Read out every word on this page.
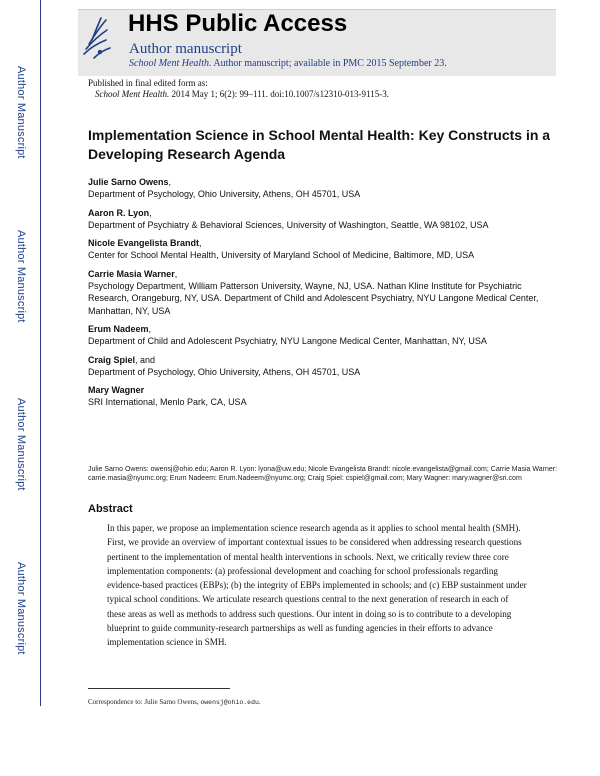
Author Manuscript
Author Manuscript
Author Manuscript
Author Manuscript
HHS Public Access
Author manuscript
School Ment Health. Author manuscript; available in PMC 2015 September 23.
Published in final edited form as:
School Ment Health. 2014 May 1; 6(2): 99–111. doi:10.1007/s12310-013-9115-3.
Implementation Science in School Mental Health: Key Constructs in a Developing Research Agenda
Julie Sarno Owens,
Department of Psychology, Ohio University, Athens, OH 45701, USA
Aaron R. Lyon,
Department of Psychiatry & Behavioral Sciences, University of Washington, Seattle, WA 98102, USA
Nicole Evangelista Brandt,
Center for School Mental Health, University of Maryland School of Medicine, Baltimore, MD, USA
Carrie Masia Warner,
Psychology Department, William Patterson University, Wayne, NJ, USA. Nathan Kline Institute for Psychiatric Research, Orangeburg, NY, USA. Department of Child and Adolescent Psychiatry, NYU Langone Medical Center, Manhattan, NY, USA
Erum Nadeem,
Department of Child and Adolescent Psychiatry, NYU Langone Medical Center, Manhattan, NY, USA
Craig Spiel, and
Department of Psychology, Ohio University, Athens, OH 45701, USA
Mary Wagner
SRI International, Menlo Park, CA, USA
Julie Sarno Owens: owensj@ohio.edu; Aaron R. Lyon: lyona@uw.edu; Nicole Evangelista Brandt: nicole.evangelista@gmail.com; Carrie Masia Warner: carrie.masia@nyumc.org; Erum Nadeem: Erum.Nadeem@nyumc.org; Craig Spiel: cspiel@gmail.com; Mary Wagner: mary.wagner@sri.com
Abstract
In this paper, we propose an implementation science research agenda as it applies to school mental health (SMH). First, we provide an overview of important contextual issues to be considered when addressing research questions pertinent to the implementation of mental health interventions in schools. Next, we critically review three core implementation components: (a) professional development and coaching for school professionals regarding evidence-based practices (EBPs); (b) the integrity of EBPs implemented in schools; and (c) EBP sustainment under typical school conditions. We articulate research questions central to the next generation of research in each of these areas as well as methods to address such questions. Our intent in doing so is to contribute to a developing blueprint to guide community-research partnerships as well as funding agencies in their efforts to advance implementation science in SMH.
Correspondence to: Julie Sarno Owens, owensj@ohio.edu.
